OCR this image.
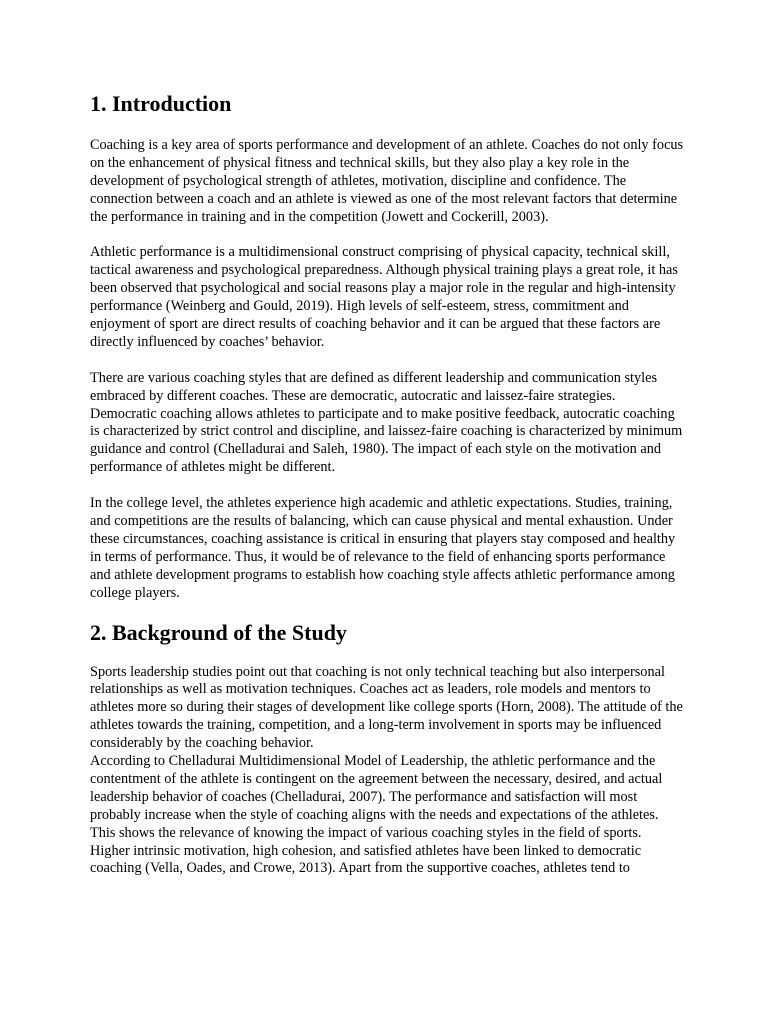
1. Introduction

Coaching is a key area of sports performance and development of an athlete. Coaches do not only focus on the enhancement of physical fitness and technical skills, but they also play a key role in the development of psychological strength of athletes, motivation, discipline and confidence. The connection between a coach and an athlete is viewed as one of the most relevant factors that determine the performance in training and in the competition (Jowett and Cockerill, 2003).

Athletic performance is a multidimensional construct comprising of physical capacity, technical skill, tactical awareness and psychological preparedness. Although physical training plays a great role, it has been observed that psychological and social reasons play a major role in the regular and high-intensity performance (Weinberg and Gould, 2019). High levels of self-esteem, stress, commitment and enjoyment of sport are direct results of coaching behavior and it can be argued that these factors are directly influenced by coaches’ behavior.

There are various coaching styles that are defined as different leadership and communication styles embraced by different coaches. These are democratic, autocratic and laissez-faire strategies. Democratic coaching allows athletes to participate and to make positive feedback, autocratic coaching is characterized by strict control and discipline, and laissez-faire coaching is characterized by minimum guidance and control (Chelladurai and Saleh, 1980). The impact of each style on the motivation and performance of athletes might be different.

In the college level, the athletes experience high academic and athletic expectations. Studies, training, and competitions are the results of balancing, which can cause physical and mental exhaustion. Under these circumstances, coaching assistance is critical in ensuring that players stay composed and healthy in terms of performance. Thus, it would be of relevance to the field of enhancing sports performance and athlete development programs to establish how coaching style affects athletic performance among college players.

2. Background of the Study

Sports leadership studies point out that coaching is not only technical teaching but also interpersonal relationships as well as motivation techniques. Coaches act as leaders, role models and mentors to athletes more so during their stages of development like college sports (Horn, 2008). The attitude of the athletes towards the training, competition, and a long-term involvement in sports may be influenced considerably by the coaching behavior.

According to Chelladurai Multidimensional Model of Leadership, the athletic performance and the contentment of the athlete is contingent on the agreement between the necessary, desired, and actual leadership behavior of coaches (Chelladurai, 2007). The performance and satisfaction will most probably increase when the style of coaching aligns with the needs and expectations of the athletes. This shows the relevance of knowing the impact of various coaching styles in the field of sports.

Higher intrinsic motivation, high cohesion, and satisfied athletes have been linked to democratic coaching (Vella, Oades, and Crowe, 2013). Apart from the supportive coaches, athletes tend to
